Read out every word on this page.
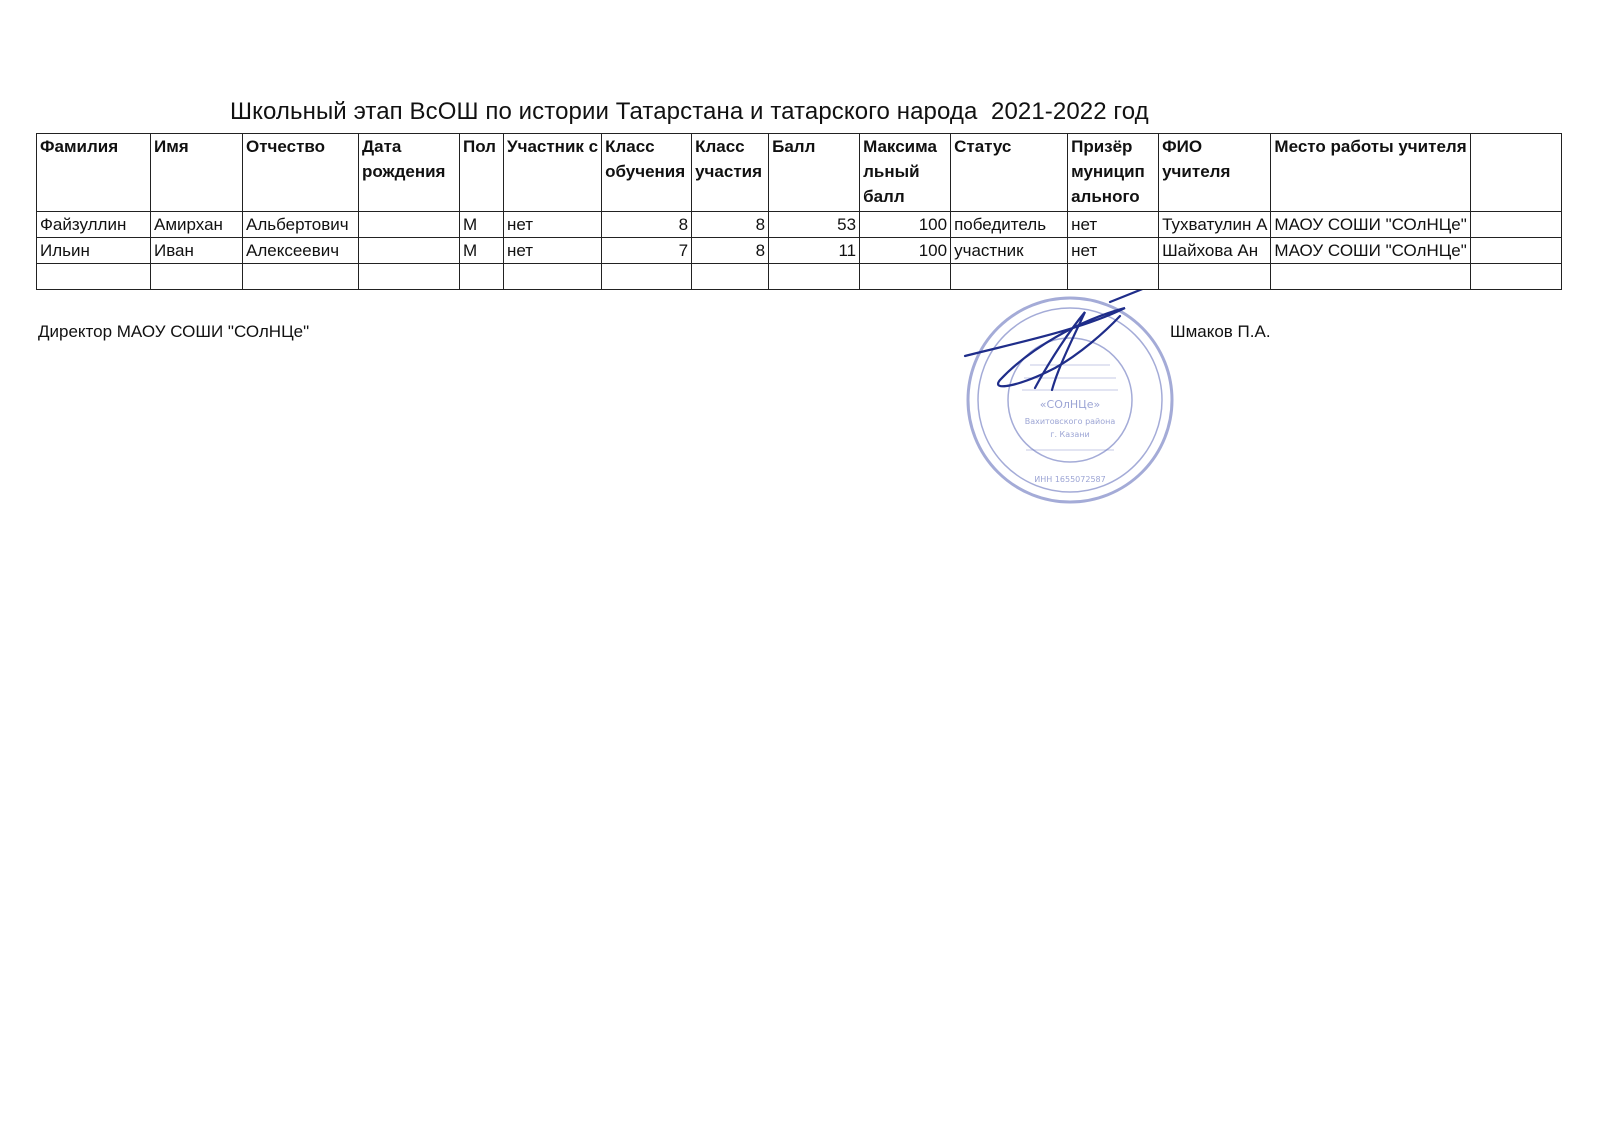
Школьный этап ВсОШ по истории Татарстана и татарского народа  2021-2022 год
Фамилия	Имя	Отчество	Дата рождения	Пол	Участник с	Класс обучения	Класс участия	Балл	Максима льный балл	Статус	Призёр муницип ального	ФИО учителя	Место работы учителя	

Файзуллин	Амирхан	Альбертович		М	нет	8	8	53	100	победитель	нет	Тухватулин А	МАОУ СОШИ "СОлНЦе"	
Ильин	Иван	Алексеевич		М	нет	7	8	11	100	участник	нет	Шайхова Ан	МАОУ СОШИ "СОлНЦе"	

Директор МАОУ СОШИ "СОлНЦе"	Шмаков П.А.
«СОлНЦе»
Вахитовского района
г. Казани
ИНН 1655072587
